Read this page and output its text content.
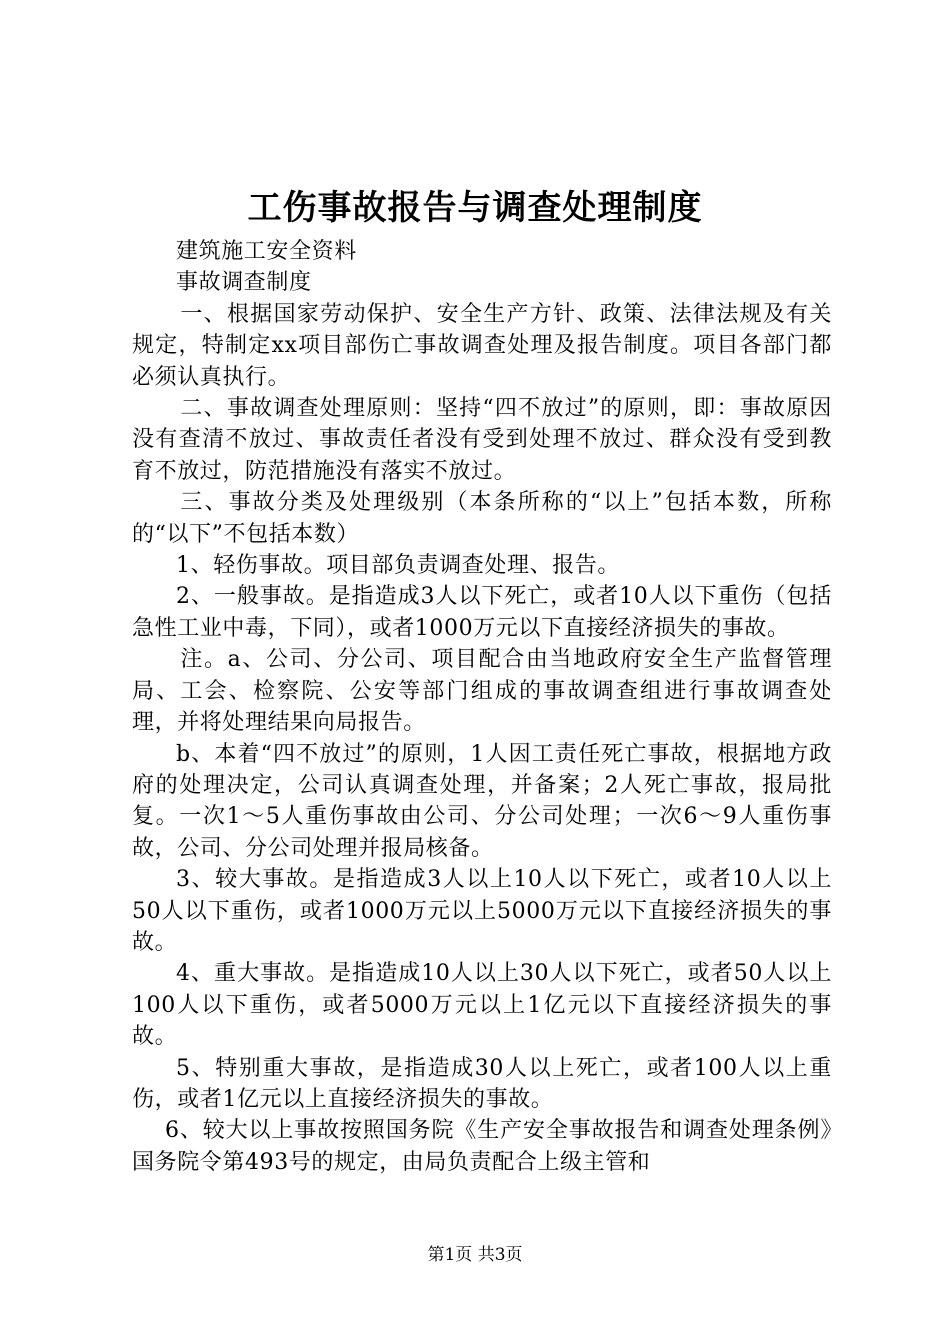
工伤事故报告与调查处理制度

建筑施工安全资料

事故调查制度

一、根据国家劳动保护、安全生产方针、政策、法律法规及有关规定，特制定xx项目部伤亡事故调查处理及报告制度。项目各部门都必须认真执行。

二、事故调查处理原则：坚持“四不放过”的原则，即：事故原因没有查清不放过、事故责任者没有受到处理不放过、群众没有受到教育不放过，防范措施没有落实不放过。

三、事故分类及处理级别（本条所称的“以上”包括本数，所称的“以下”不包括本数）

1、轻伤事故。项目部负责调查处理、报告。

2、一般事故。是指造成3人以下死亡，或者10人以下重伤（包括急性工业中毒，下同），或者1000万元以下直接经济损失的事故。

注。a、公司、分公司、项目配合由当地政府安全生产监督管理局、工会、检察院、公安等部门组成的事故调查组进行事故调查处理，并将处理结果向局报告。

b、本着“四不放过”的原则，1人因工责任死亡事故，根据地方政府的处理决定，公司认真调查处理，并备案；2人死亡事故，报局批复。一次1～5人重伤事故由公司、分公司处理；一次6～9人重伤事故，公司、分公司处理并报局核备。

3、较大事故。是指造成3人以上10人以下死亡，或者10人以上50人以下重伤，或者1000万元以上5000万元以下直接经济损失的事故。

4、重大事故。是指造成10人以上30人以下死亡，或者50人以上100人以下重伤，或者5000万元以上1亿元以下直接经济损失的事故。

5、特别重大事故，是指造成30人以上死亡，或者100人以上重伤，或者1亿元以上直接经济损失的事故。

6、较大以上事故按照国务院《生产安全事故报告和调查处理条例》国务院令第493号的规定，由局负责配合上级主管和

第1页 共3页
